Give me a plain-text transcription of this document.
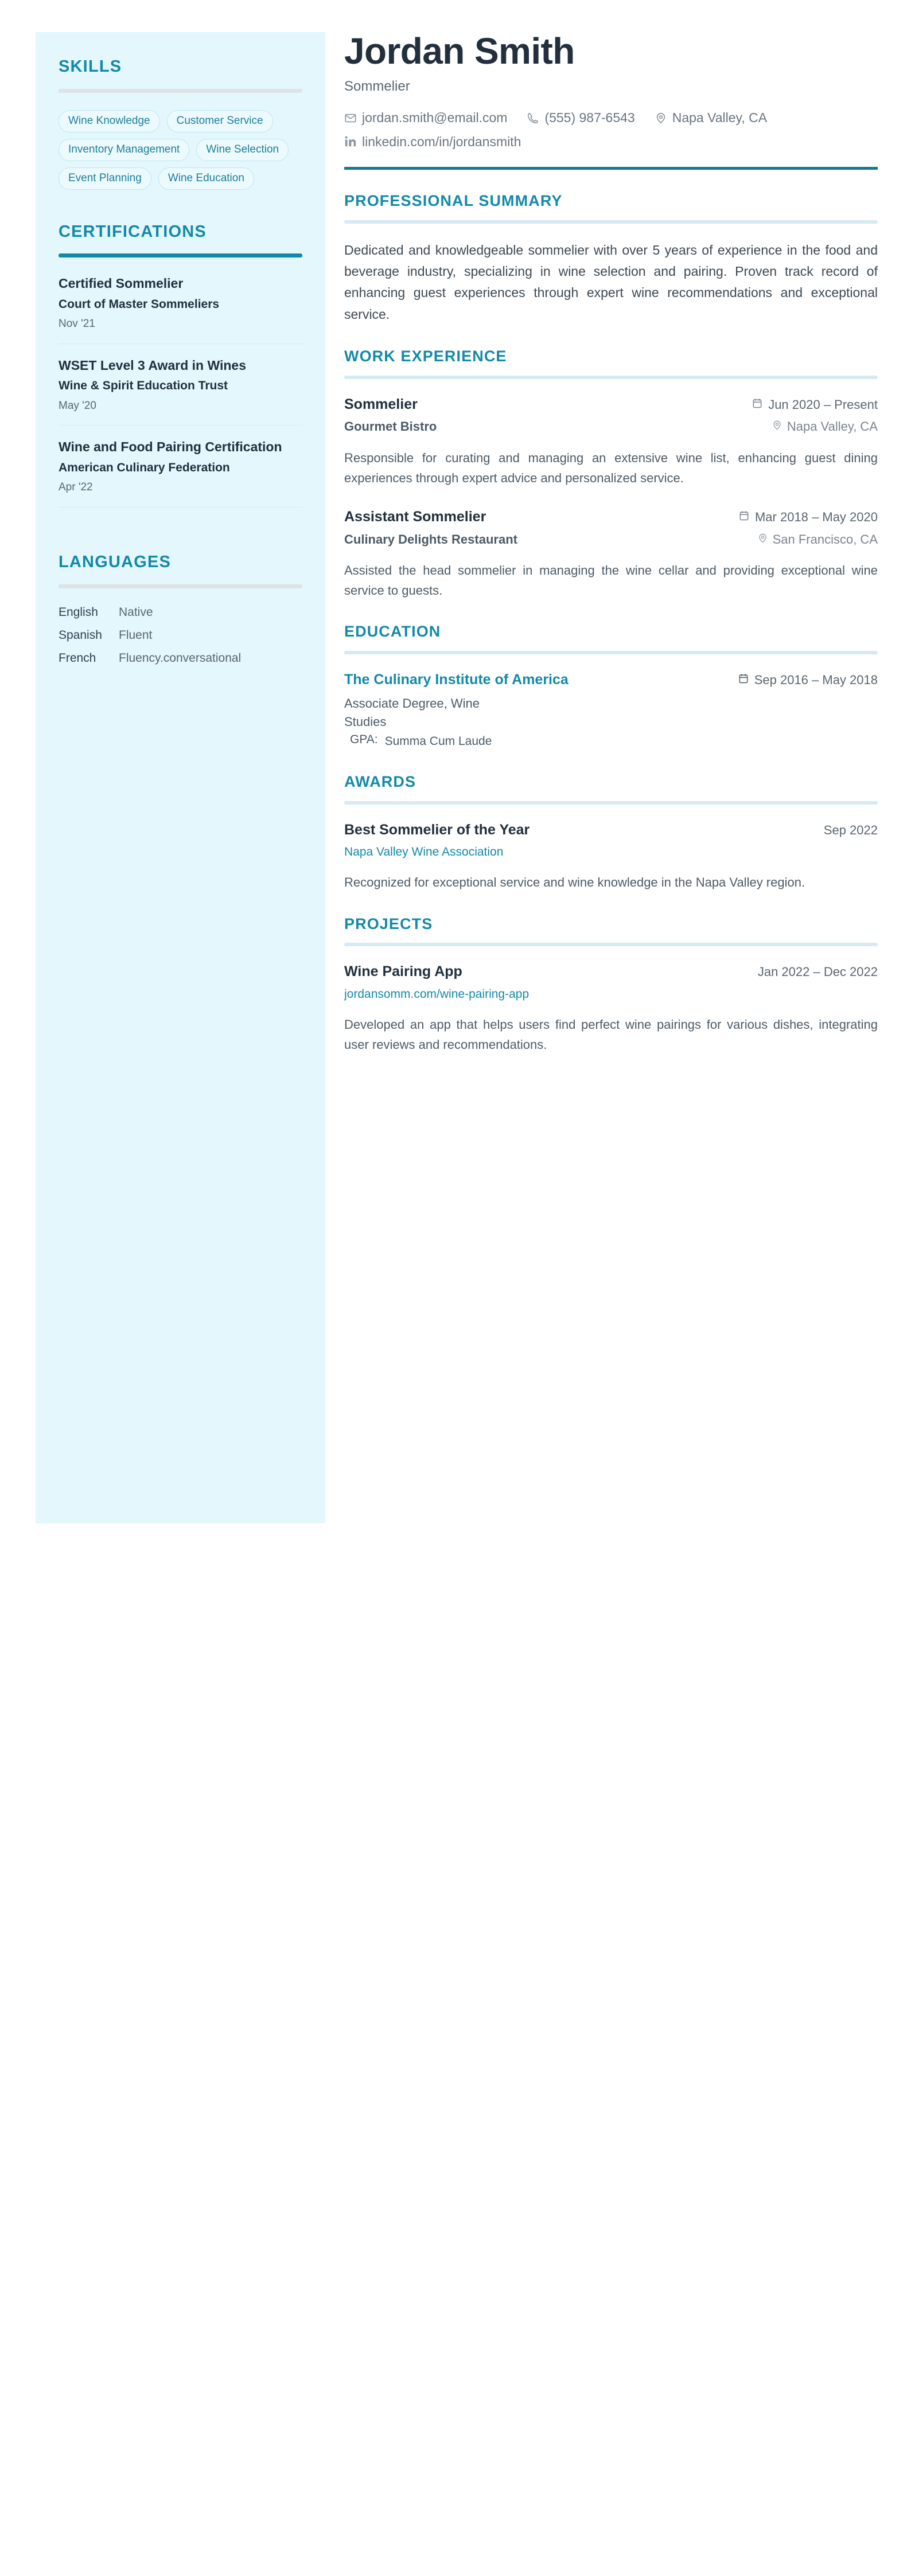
SKILLS
Wine Knowledge	Customer Service
Inventory Management	Wine Selection
Event Planning	Wine Education
CERTIFICATIONS
Certified Sommelier
Court of Master Sommeliers
Nov '21
WSET Level 3 Award in Wines
Wine & Spirit Education Trust
May '20
Wine and Food Pairing Certification
American Culinary Federation
Apr '22
LANGUAGES
English	Native
Spanish	Fluent
French	Fluency.conversational
Jordan Smith
Sommelier
jordan.smith@email.com	(555) 987-6543	Napa Valley, CA
linkedin.com/in/jordansmith
PROFESSIONAL SUMMARY

Dedicated and knowledgeable sommelier with over 5 years of experience in the food and beverage industry, specializing in wine selection and pairing. Proven track record of enhancing guest experiences through expert wine recommendations and exceptional service.

WORK EXPERIENCE
Sommelier	Jun 2020 – Present
Gourmet Bistro	Napa Valley, CA

Responsible for curating and managing an extensive wine list, enhancing guest dining experiences through expert advice and personalized service.

Assistant Sommelier	Mar 2018 – May 2020
Culinary Delights Restaurant	San Francisco, CA

Assisted the head sommelier in managing the wine cellar and providing exceptional wine service to guests.

EDUCATION
The Culinary Institute of America	Sep 2016 – May 2018
Associate Degree, Wine Studies
GPA: Summa Cum Laude
AWARDS
Best Sommelier of the Year	Sep 2022
Napa Valley Wine Association

Recognized for exceptional service and wine knowledge in the Napa Valley region.

PROJECTS
Wine Pairing App	Jan 2022 – Dec 2022
jordansomm.com/wine-pairing-app

Developed an app that helps users find perfect wine pairings for various dishes, integrating user reviews and recommendations.
